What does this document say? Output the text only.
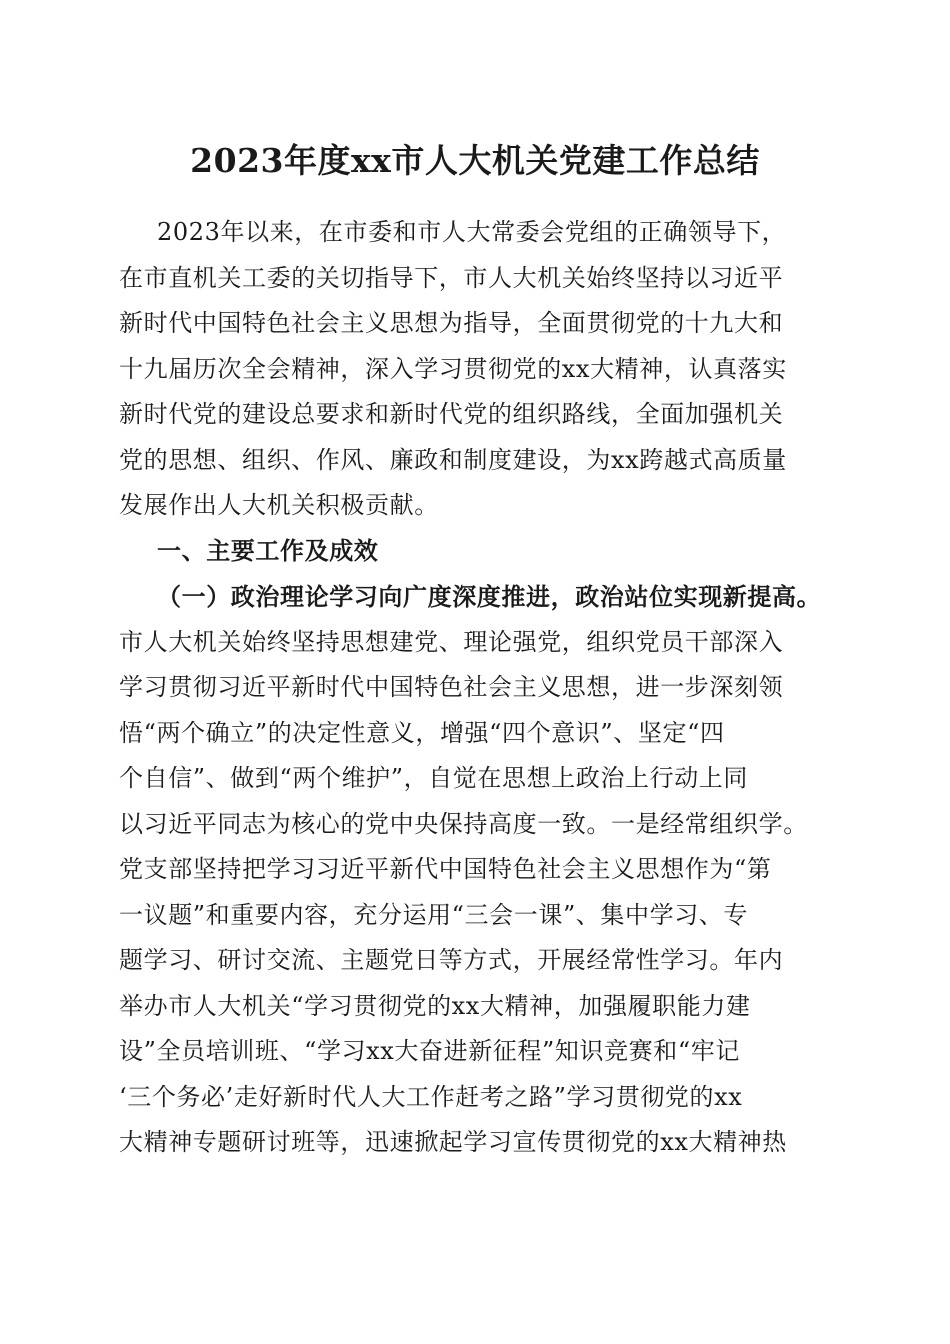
2023年度xx市人大机关党建工作总结
2023年以来，在市委和市人大常委会党组的正确领导下，
在市直机关工委的关切指导下，市人大机关始终坚持以习近平
新时代中国特色社会主义思想为指导，全面贯彻党的十九大和
十九届历次全会精神，深入学习贯彻党的xx大精神，认真落实
新时代党的建设总要求和新时代党的组织路线，全面加强机关
党的思想、组织、作风、廉政和制度建设，为xx跨越式高质量
发展作出人大机关积极贡献。
一、主要工作及成效
（一）政治理论学习向广度深度推进，政治站位实现新提高。
市人大机关始终坚持思想建党、理论强党，组织党员干部深入
学习贯彻习近平新时代中国特色社会主义思想，进一步深刻领
悟“两个确立”的决定性意义，增强“四个意识”、坚定“四
个自信”、做到“两个维护”，自觉在思想上政治上行动上同
以习近平同志为核心的党中央保持高度一致。一是经常组织学。
党支部坚持把学习习近平新代中国特色社会主义思想作为“第
一议题”和重要内容，充分运用“三会一课”、集中学习、专
题学习、研讨交流、主题党日等方式，开展经常性学习。年内
举办市人大机关“学习贯彻党的xx大精神，加强履职能力建
设”全员培训班、“学习xx大奋进新征程”知识竞赛和“牢记
‘三个务必’走好新时代人大工作赶考之路”学习贯彻党的xx
大精神专题研讨班等，迅速掀起学习宣传贯彻党的xx大精神热
